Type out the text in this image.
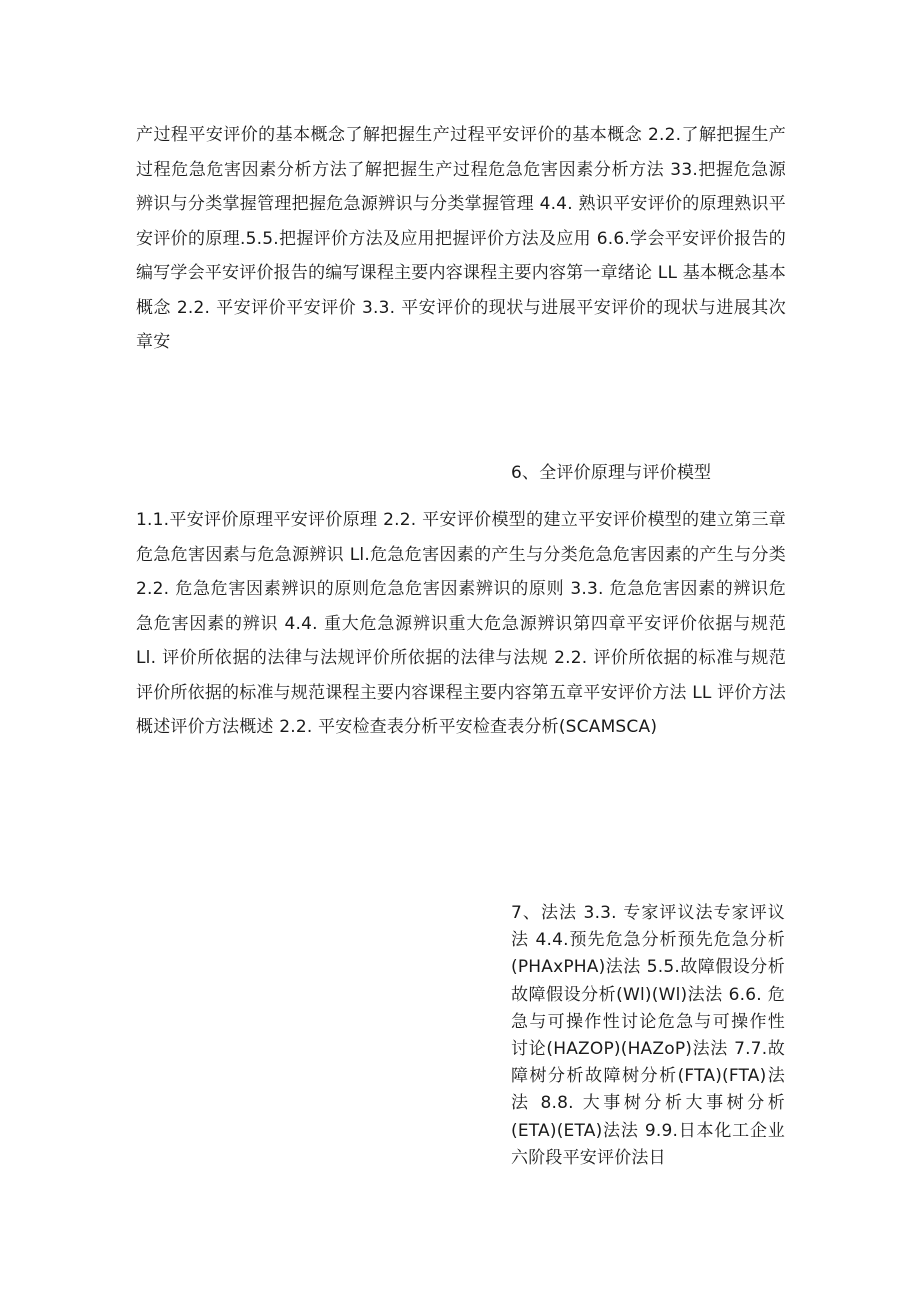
产过程平安评价的基本概念了解把握生产过程平安评价的基本概念 2.2.了解把握生产过程危急危害因素分析方法了解把握生产过程危急危害因素分析方法 33.把握危急源辨识与分类掌握管理把握危急源辨识与分类掌握管理 4.4. 熟识平安评价的原理熟识平安评价的原理.5.5.把握评价方法及应用把握评价方法及应用 6.6.学会平安评价报告的编写学会平安评价报告的编写课程主要内容课程主要内容第一章绪论 LL 基本概念基本概念 2.2. 平安评价平安评价 3.3. 平安评价的现状与进展平安评价的现状与进展其次章安

6、全评价原理与评价模型

1.1.平安评价原理平安评价原理 2.2. 平安评价模型的建立平安评价模型的建立第三章危急危害因素与危急源辨识 Ll.危急危害因素的产生与分类危急危害因素的产生与分类 2.2. 危急危害因素辨识的原则危急危害因素辨识的原则 3.3. 危急危害因素的辨识危急危害因素的辨识 4.4. 重大危急源辨识重大危急源辨识第四章平安评价依据与规范 Ll. 评价所依据的法律与法规评价所依据的法律与法规 2.2. 评价所依据的标准与规范评价所依据的标准与规范课程主要内容课程主要内容第五章平安评价方法 LL 评价方法概述评价方法概述 2.2. 平安检查表分析平安检查表分析(SCAMSCA)

7、法法 3.3. 专家评议法专家评议法 4.4.预先危急分析预先危急分析(PHAxPHA)法法 5.5.故障假设分析故障假设分析(Wl)(Wl)法法 6.6. 危急与可操作性讨论危急与可操作性讨论(HAZOP)(HAZoP)法法 7.7.故障树分析故障树分析(FTA)(FTA)法法 8.8. 大事树分析大事树分析(ETA)(ETA)法法 9.9.日本化工企业六阶段平安评价法日
